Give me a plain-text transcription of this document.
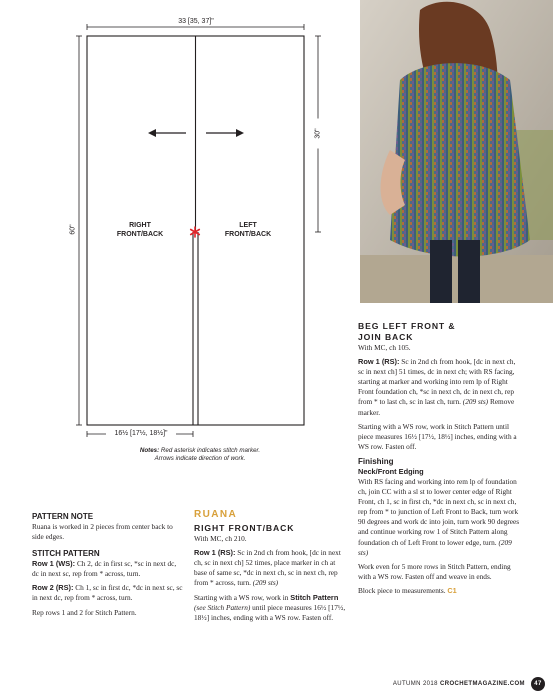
33 [35, 37]"
60"
30"
16½ [17½, 18½]"
RIGHT
FRONT/BACK
LEFT
FRONT/BACK
Notes: Red asterisk indicates stitch marker.
Arrows indicate direction of work.
PATTERN NOTE

Ruana is worked in 2 pieces from center back to side edges.

STITCH PATTERN

Row 1 (WS): Ch 2, dc in first sc, *sc in next dc, dc in next sc, rep from * across, turn.

Row 2 (RS): Ch 1, sc in first dc, *dc in next sc, sc in next dc, rep from * across, turn.

Rep rows 1 and 2 for Stitch Pattern.

RUANA
RIGHT FRONT/BACK

With MC, ch 210.

Row 1 (RS): Sc in 2nd ch from hook, [dc in next ch, sc in next ch] 52 times, place marker in ch at base of same sc, *dc in next ch, sc in next ch, rep from * across, turn. (209 sts)

Starting with a WS row, work in Stitch Pattern (see Stitch Pattern) until piece measures 16½ [17½, 18½] inches, ending with a WS row. Fasten off.

BEG LEFT FRONT &
JOIN BACK

With MC, ch 105.

Row 1 (RS): Sc in 2nd ch from hook, [dc in next ch, sc in next ch] 51 times, dc in next ch; with RS facing, starting at marker and working into rem lp of Right Front foundation ch, *sc in next ch, dc in next ch, rep from * to last ch, sc in last ch, turn. (209 sts) Remove marker.

Starting with a WS row, work in Stitch Pattern until piece measures 16½ [17½, 18½] inches, ending with a WS row. Fasten off.

Finishing
Neck/Front Edging

With RS facing and working into rem lp of foundation ch, join CC with a sl st to lower center edge of Right Front, ch 1, sc in first ch, *dc in next ch, sc in next ch, rep from * to junction of Left Front to Back, turn work 90 degrees and work dc into join, turn work 90 degrees and continue working row 1 of Stitch Pattern along foundation ch of Left Front to lower edge, turn. (209 sts)

Work even for 5 more rows in Stitch Pattern, ending with a WS row. Fasten off and weave in ends.

Block piece to measurements. C1

AUTUMN 2018 CROCHETMAGAZINE.COM 47
